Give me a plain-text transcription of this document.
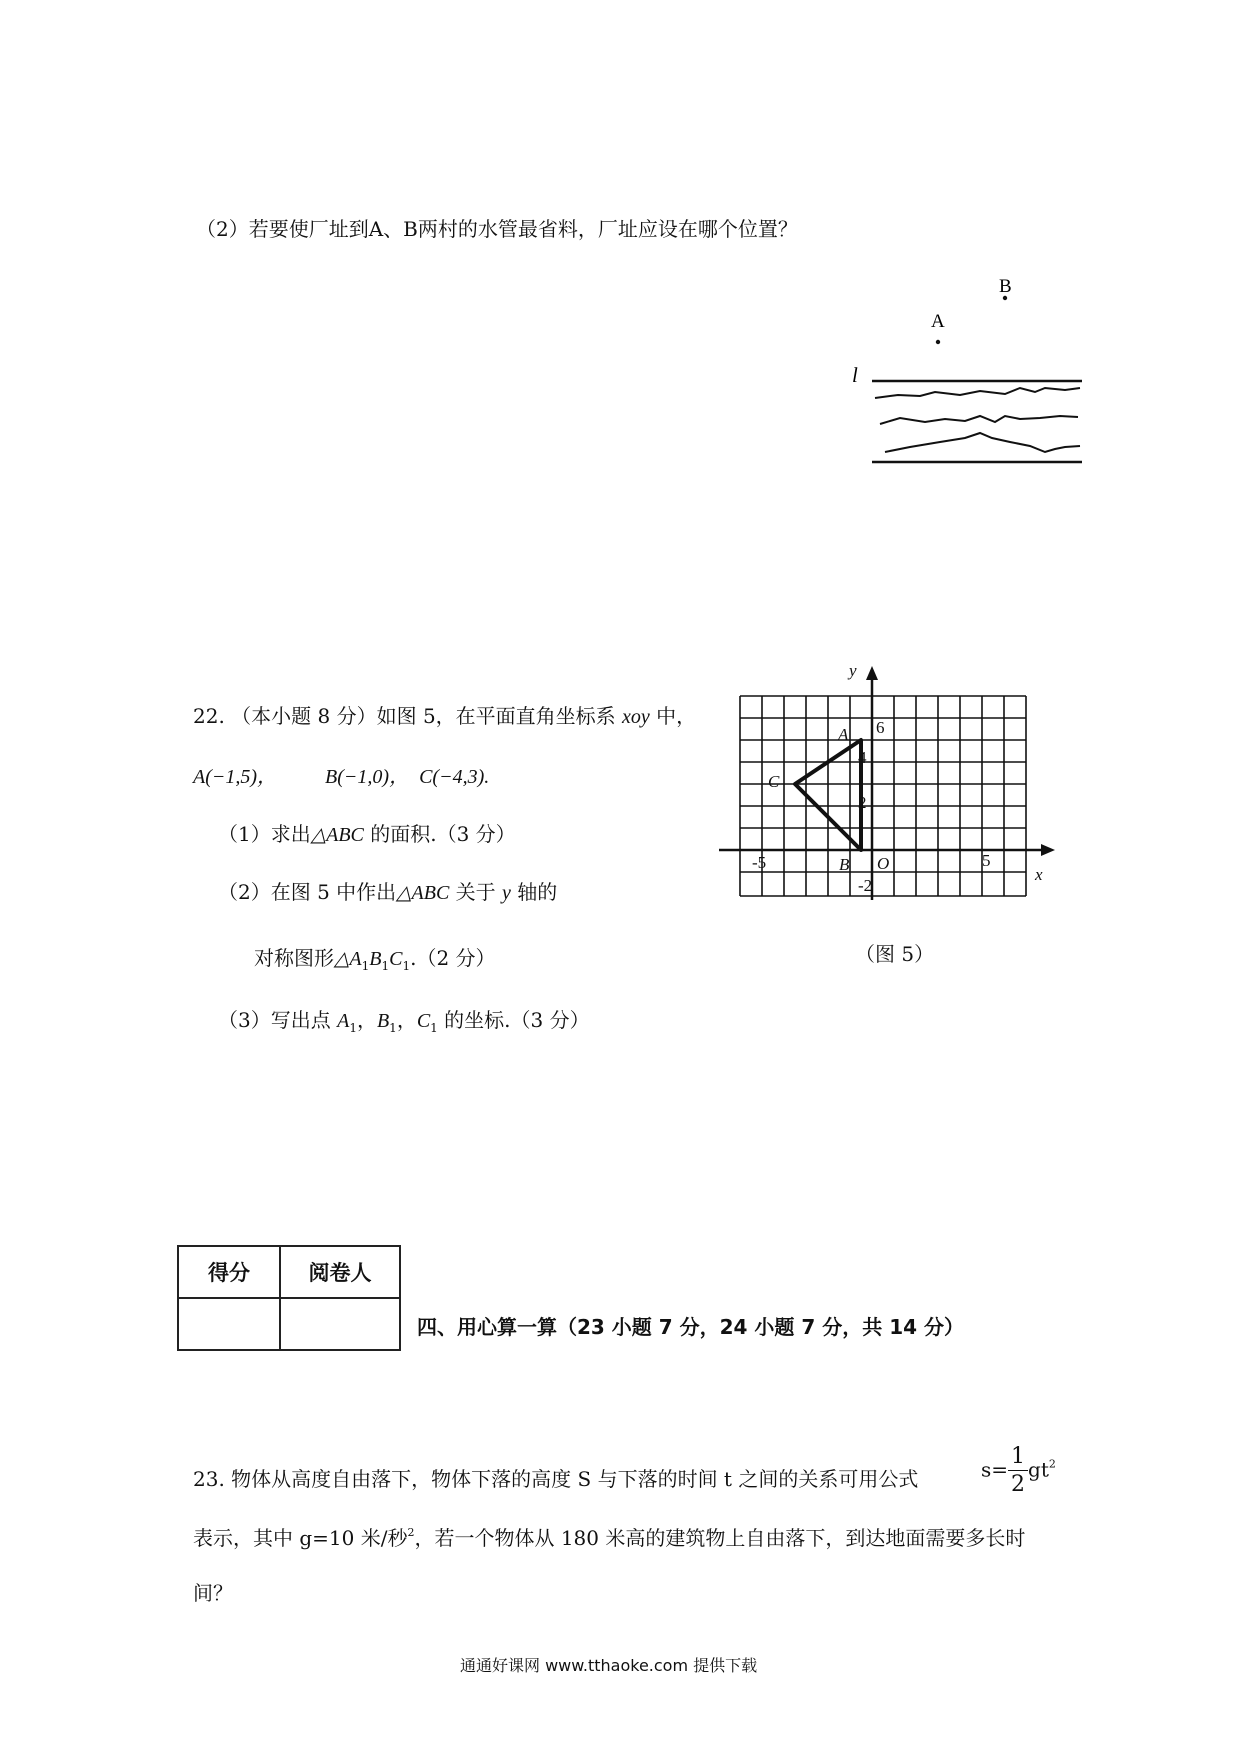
（2）若要使厂址到A、B两村的水管最省料，厂址应设在哪个位置？
A
B
l
22. （本小题 8 分）如图 5，在平面直角坐标系 xoy 中，
A(−1,5)， B(−1,0)， C(−4,3).
（1）求出△ABC 的面积.（3 分）
（2）在图 5 中作出△ABC 关于 y 轴的
对称图形$\triangle A_1B_1C_1.(2$ 分）
（3）写出点 $A_1$，$B_1$，$C_1$ 的坐标.（3 分）
y
x
6
4
2
-2
-5	5
O
A
B
C
（图 5）
得分	阅卷人

四、用心算一算（23 小题 7 分，24 小题 7 分，共 14 分）
23. 物体从高度自由落下，物体下落的高度 S 与下落的时间 t 之间的关系可用公式	$s= \frac{1}{2} gt^2$
表示，其中 g=10 米/秒$^2$，若一个物体从 180 米高的建筑物上自由落下，到达地面需要多长时
间？
通通好课网 www.tthaoke.com 提供下载
